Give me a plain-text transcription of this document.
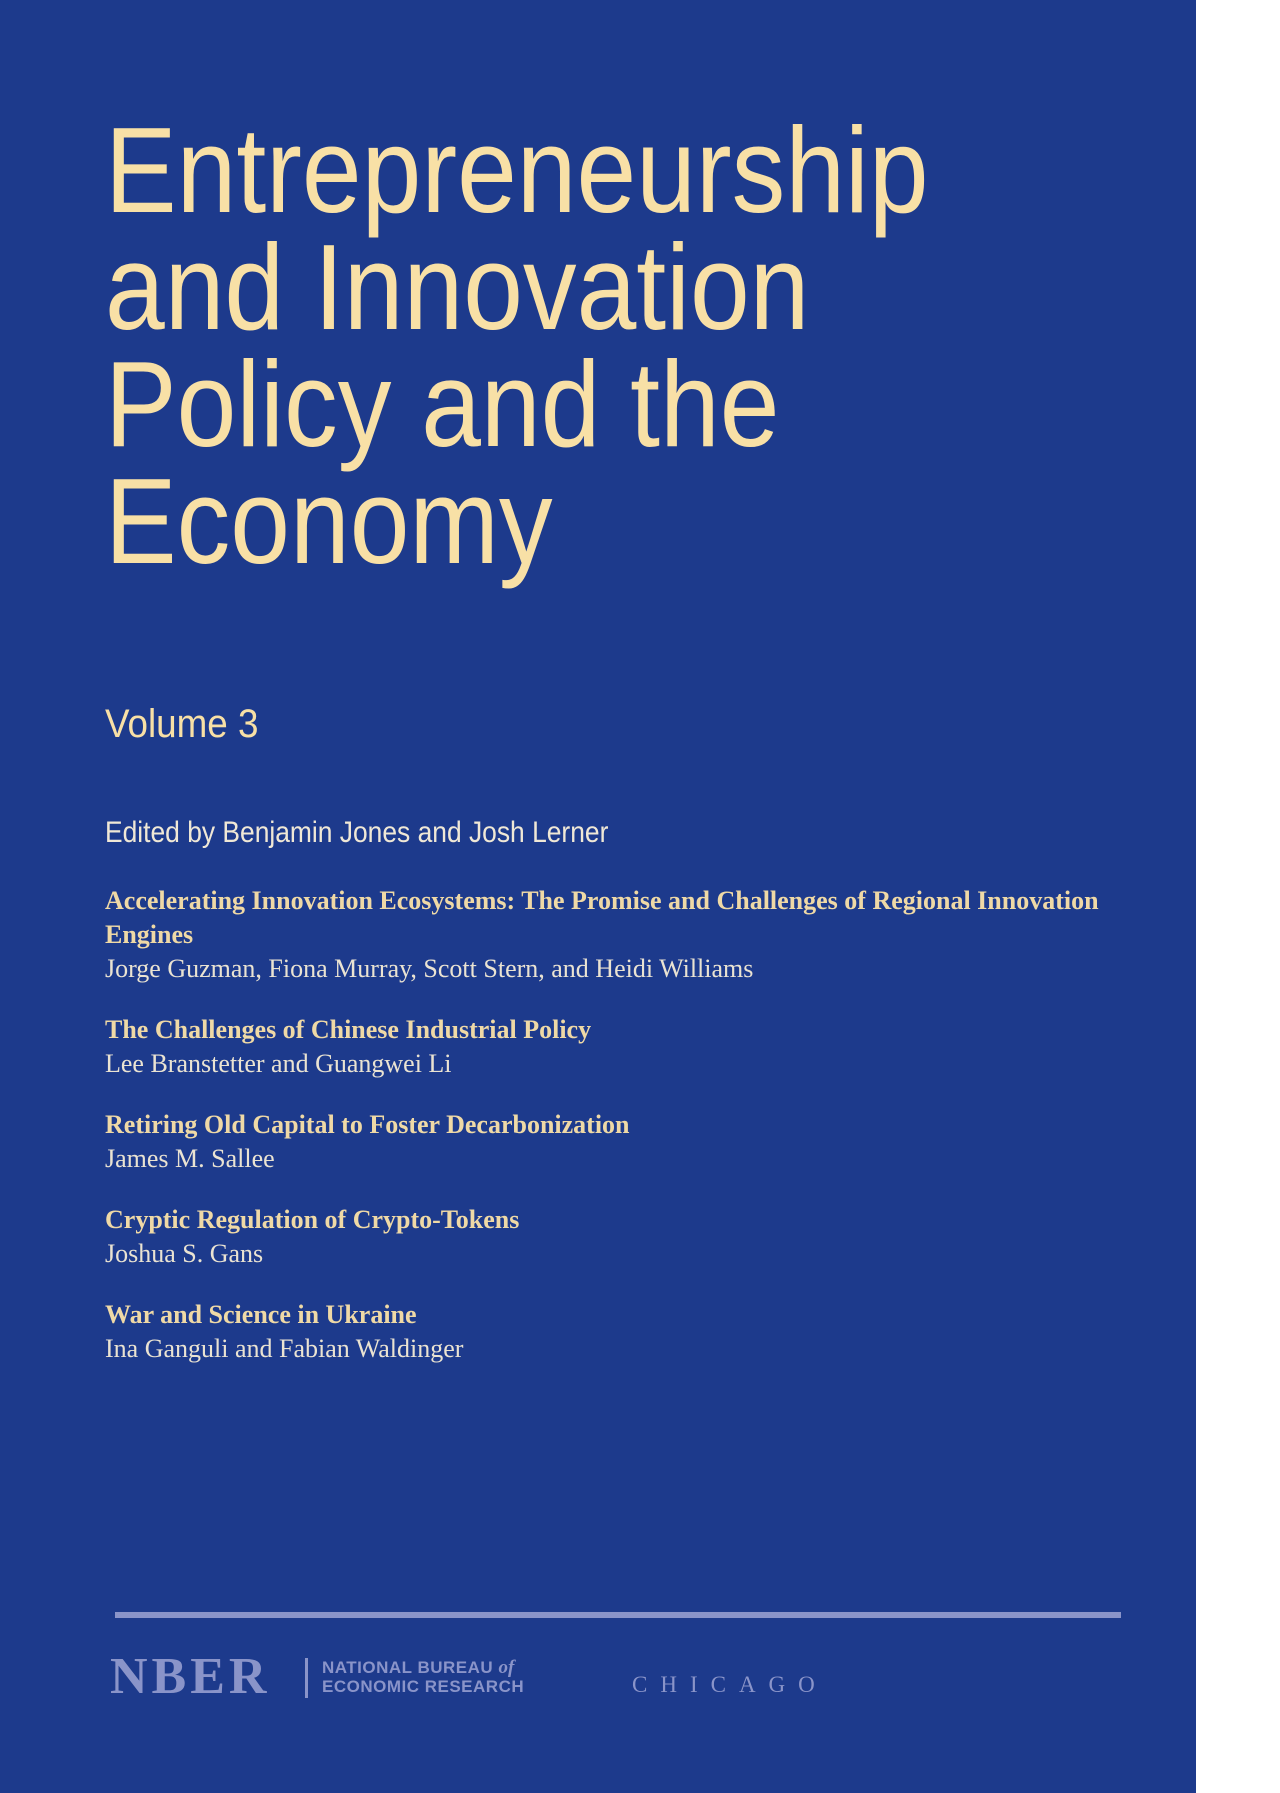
Entrepreneurship
and Innovation
Policy and the
Economy
Volume 3
Edited by Benjamin Jones and Josh Lerner
Accelerating Innovation Ecosystems: The Promise and Challenges of Regional Innovation Engines
Jorge Guzman, Fiona Murray, Scott Stern, and Heidi Williams
The Challenges of Chinese Industrial Policy
Lee Branstetter and Guangwei Li
Retiring Old Capital to Foster Decarbonization
James M. Sallee
Cryptic Regulation of Crypto-Tokens
Joshua S. Gans
War and Science in Ukraine
Ina Ganguli and Fabian Waldinger
NBER	NATIONAL BUREAU of
ECONOMIC RESEARCH	CHICAGO
